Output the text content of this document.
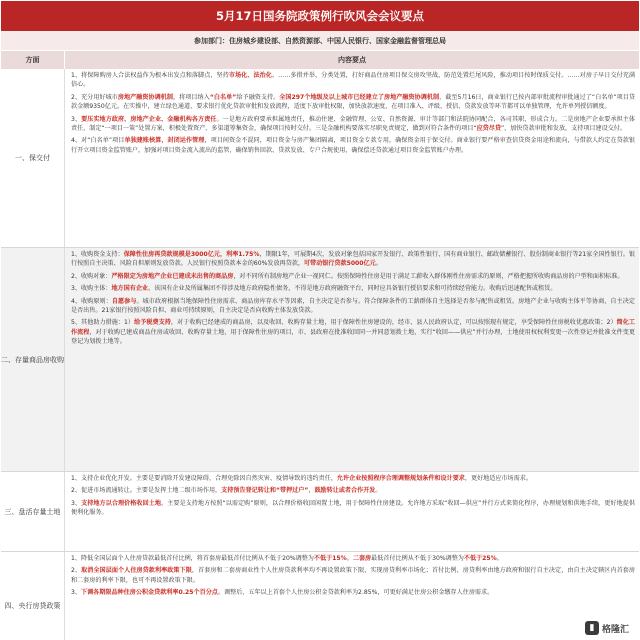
5月17日国务院政策例行吹风会会议要点
参加部门：住房城乡建设部、自然资源部、中国人民银行、国家金融监督管理总局
方面	内容要点
一、保交付
1、将保障购房人合法权益作为根本出发点和落脚点，坚持市场化、法治化。……多措并举、分类处置，打好商品住房项目保交房攻坚战，防范处置烂尾风险，推动项目按时保质交付。……对房子早日交付充满信心。
2、充分用好城市房地产融资协调机制，将项目纳入“白名单”给予融资支持。全国297个地级及以上城市已经建立了房地产融资协调机制，截至5月16日，商业银行已按内部审批流程审批通过了“白名单”项目贷款金额9350亿元。在实操中，建立绿色通道、要求银行优化贷款审批和发放流程，适度下放审批权限，加快放款速度，在项目准入、评级、授信、贷款发放等环节都可以单独管理，允许单列授信额度。
3、要压实地方政府、房地产企业、金融机构各方责任。一是地方政府要承担属地责任，推动住建、金融管理、公安、自然资源、审计等部门和法院协同配合，各司其职、形成合力。二是房地产企业要承担主体责任，制定“一项目一策”处置方案，积极处置资产、多渠道筹集资金，确保项目按时交付。三是金融机构要落实尽职免责规定，做到对符合条件的项目“应贷尽贷”，加快贷款审批和发放，支持项目建设交付。
4、对“白名单”项目单独建账核算，封闭运作管理，项目间资金不混同，项目资金与房产集团隔离，项目资金专款专用，确保资金用于保交付。商业银行要严格审查信贷资金用途和流向，与借款人约定在贷款银行开立项目资金监管账户，加强对项目资金流入流出的监管，确保销售回款、贷款发放、专户合规使用，确保偿还贷款通过项目资金监管账户办理。
二、存量商品房收购
1、收购资金支持：保障性住房再贷款规模是3000亿元，利率1.75%，期限1年，可展期4次，发放对象包括国家开发银行、政策性银行、国有商业银行、邮政储蓄银行、股份制商业银行等21家全国性银行。银行按照自主决策、风险自担原则发放贷款。人民银行按照贷款本金的60%发放再贷款，可带动银行贷款5000亿元。
2、收购对象：严格限定为房地产企业已建成未出售的商品房，对不同所有制房地产企业一视同仁。按照保障性住房是用于满足工薪收入群体刚性住房需求的原则，严格把握所收购商品房的户型和面积标准。
3、收购主体：地方国有企业。该国有企业及所属集团不得涉及地方政府隐性债务，不得是地方政府融资平台，同时应具备银行授信要求和可持续经营能力。收购后迅速配售或租赁。
4、收购原则：自愿参与。城市政府根据当地保障性住房需求、商品房库存水平等因素，自主决定是否参与。符合保障条件的工薪群体自主选择是否参与配售或租赁。房地产企业与收购主体平等协商，自主决定是否出售。21家银行按照风险自担、商业可持续原则，自主决定是否向收购主体发放贷款。
5、其他助力措施：1）给予税费支持，对于收购已经建成的商品房，以及收回、收购存量土地，用于保障性住房建设的，经市、县人民政府认定，可以按照现有规定，享受保障性住房税收优惠政策；2）简化工作流程，对于收购已建成商品住房或收回、收购存量土地，用于保障性住房的项目，市、县政府在批准收回同一并同意划拨土地，实行“收回——供应”并行办理，土地使用权权利变更一次性登记并批准文件变更登记为划拨土地等。
三、盘活存量土地
1、支持企业优化开发。主要是要消除开发建设障碍，合理免除因自然灾害、疫情导致的违约责任，允许企业按照程序合理调整规划条件和设计要求，更好地适应市场需求。
2、促进市场流通转让。主要是发挥土地二级市场作用，支持预告登记转让和“带押过户”，鼓励转让或者合作开发。
3、支持地方以合理价格收回土地。主要是支持地方按照“以需定购”原则，以合理价格收回闲置土地，用于保障性住房建设。允许地方采取“收回—供应”并行方式来简化程序，办理规划和供地手续，更好地提供便利化服务。
四、央行房贷政策
1、降低全国层面个人住房贷款最低首付比例，将首套房最低首付比例从不低于20%调整为不低于15%。二套房最低首付比例从不低于30%调整为不低于25%。
2、取消全国层面个人住房贷款利率政策下限，首套房和二套房商业性个人住房贷款利率均不再设置政策下限，实现房贷利率市场化；首付比例、房贷利率由地方政府和银行自主决定，由自主决定辖区内首套房和二套房的利率下限，也可不再设置政策下限。
3、下调各期限品种住房公积金贷款利率0.25个百分点。调整后，五年以上首套个人住房公积金贷款利率为2.85%，可更好满足住房公积金缴存人住房需求。
▮ 格隆汇
